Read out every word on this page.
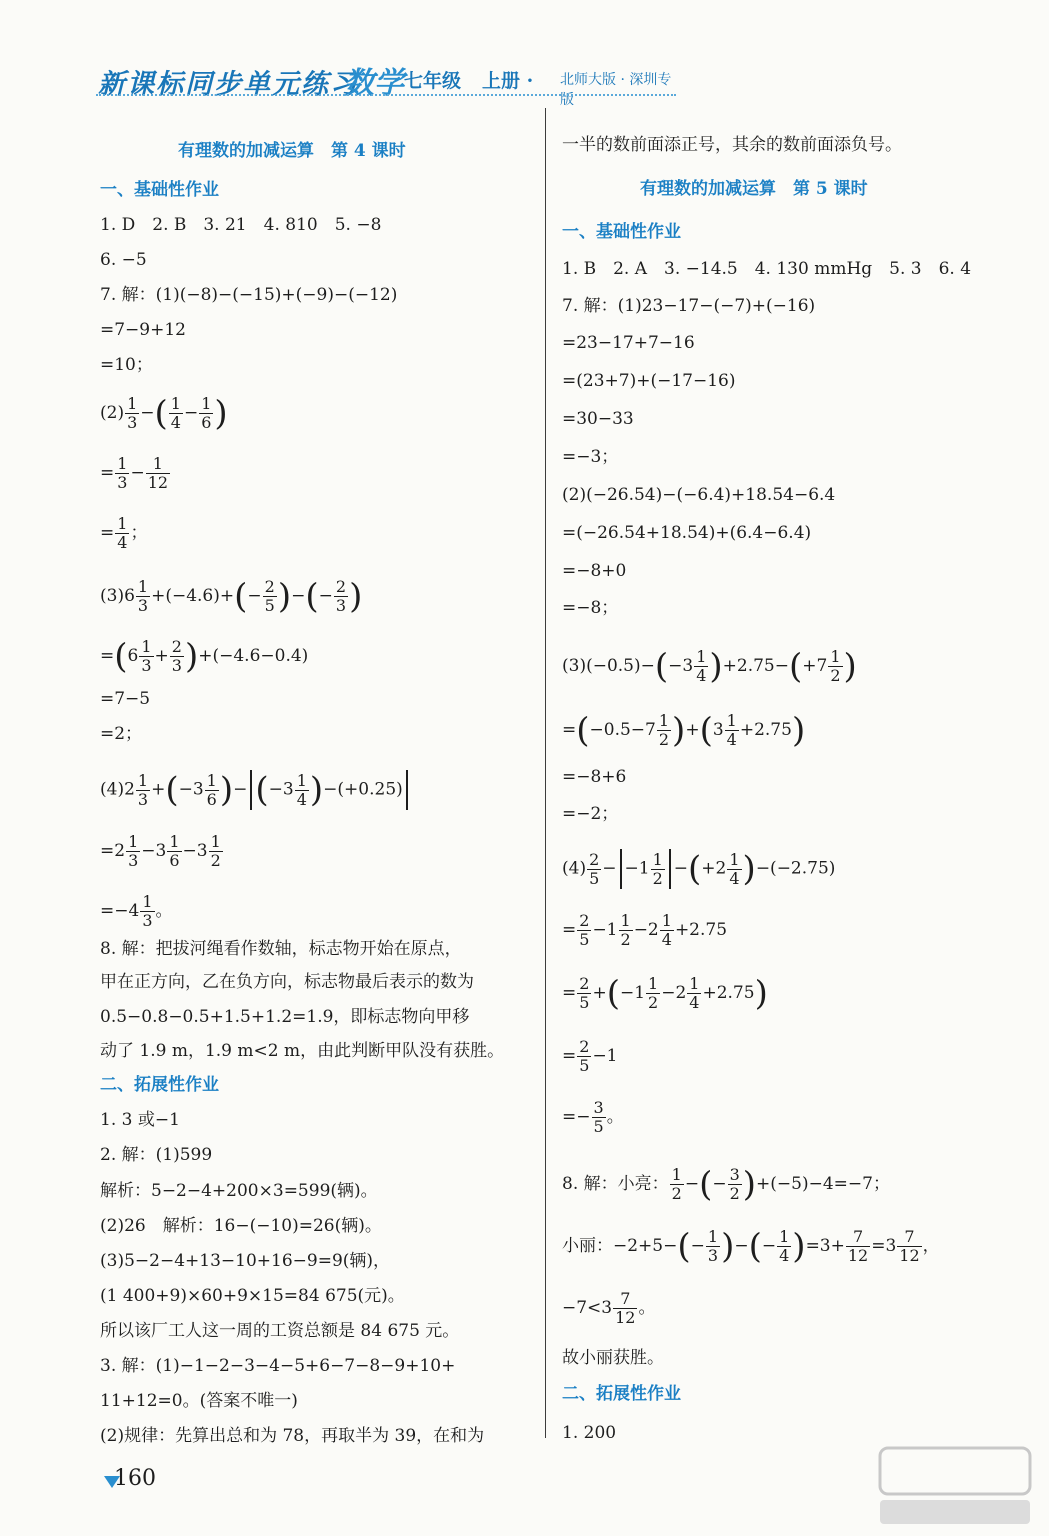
新课标同步单元练习
数学 七年级 上册 · 北师大版 · 深圳专版
有理数的加减运算　第 4 课时
一、基础性作业
1. D　2. B　3. 21　4. 810　5. −8
6. −5
7. 解：(1)(−8)−(−15)+(−9)−(−12)
=7−9+12
=10；
$(2) \frac{1}{3}$ −( $\frac{1}{4} - \frac{1}{6}$ )
= $\frac{1}{3} - \frac{1}{12}$
= $\frac{1}{4}$ ；
$(3)6 \frac{1}{3} +(-4.6)+(- \frac{2}{5}$ )−(− $\frac{2}{3}$ )
$=(6 \frac{1}{3} + \frac{2}{3} )+(-4.6-0.4)$
=7−5
=2；
$(4)2 \frac{1}{3} +(-3 \frac{1}{6}$ )− $(-3 \frac{1}{4} )-(+0.25)$
$=2 \frac{1}{3} -3 \frac{1}{6} -3 \frac{1}{2}$
$=-4 \frac{1}{3}$ 。
8. 解：把拔河绳看作数轴，标志物开始在原点，
甲在正方向，乙在负方向，标志物最后表示的数为
0.5−0.8−0.5+1.5+1.2=1.9，即标志物向甲移
动了 1.9 m，1.9 m<2 m，由此判断甲队没有获胜。
二、拓展性作业
1. 3 或−1
2. 解：(1)599
解析：5−2−4+200×3=599(辆)。
(2)26　解析：16−(−10)=26(辆)。
(3)5−2−4+13−10+16−9=9(辆)，
(1 400+9)×60+9×15=84 675(元)。
所以该厂工人这一周的工资总额是 84 675 元。
3. 解：(1)−1−2−3−4−5+6−7−8−9+10+
11+12=0。(答案不唯一)
(2)规律：先算出总和为 78，再取半为 39，在和为
一半的数前面添正号，其余的数前面添负号。
有理数的加减运算　第 5 课时
一、基础性作业
1. B　2. A　3. −14.5　4. 130 mmHg　5. 3　6. 4
7. 解：(1)23−17−(−7)+(−16)
=23−17+7−16
=(23+7)+(−17−16)
=30−33
=−3；
(2)(−26.54)−(−6.4)+18.54−6.4
=(−26.54+18.54)+(6.4−6.4)
=−8+0
=−8；
$(3)(-0.5)-(-3 \frac{1}{4} )+2.75-(+7 \frac{1}{2}$ )
$=(-0.5-7 \frac{1}{2} )+(3 \frac{1}{4} +2.75)$
=−8+6
=−2；
$(4) \frac{2}{5} - -1 \frac{1}{2} -(+2 \frac{1}{4} )-(-2.75)$
= $\frac{2}{5} -1 \frac{1}{2} -2 \frac{1}{4} +2.75$
= $\frac{2}{5} +(-1 \frac{1}{2} -2 \frac{1}{4} +2.75)$
= $\frac{2}{5} -1$
=− $\frac{3}{5}$ 。
8. 解：小亮： $\frac{1}{2}$ −(− $\frac{3}{2} )+(-5)-4=-7$；
小丽：$-2+5-(- \frac{1}{3}$ )−(− $\frac{1}{4} )=3+ \frac{7}{12} =3 \frac{7}{12}$ ，
$-7<3 \frac{7}{12}$ 。
故小丽获胜。
二、拓展性作业
1. 200
160
